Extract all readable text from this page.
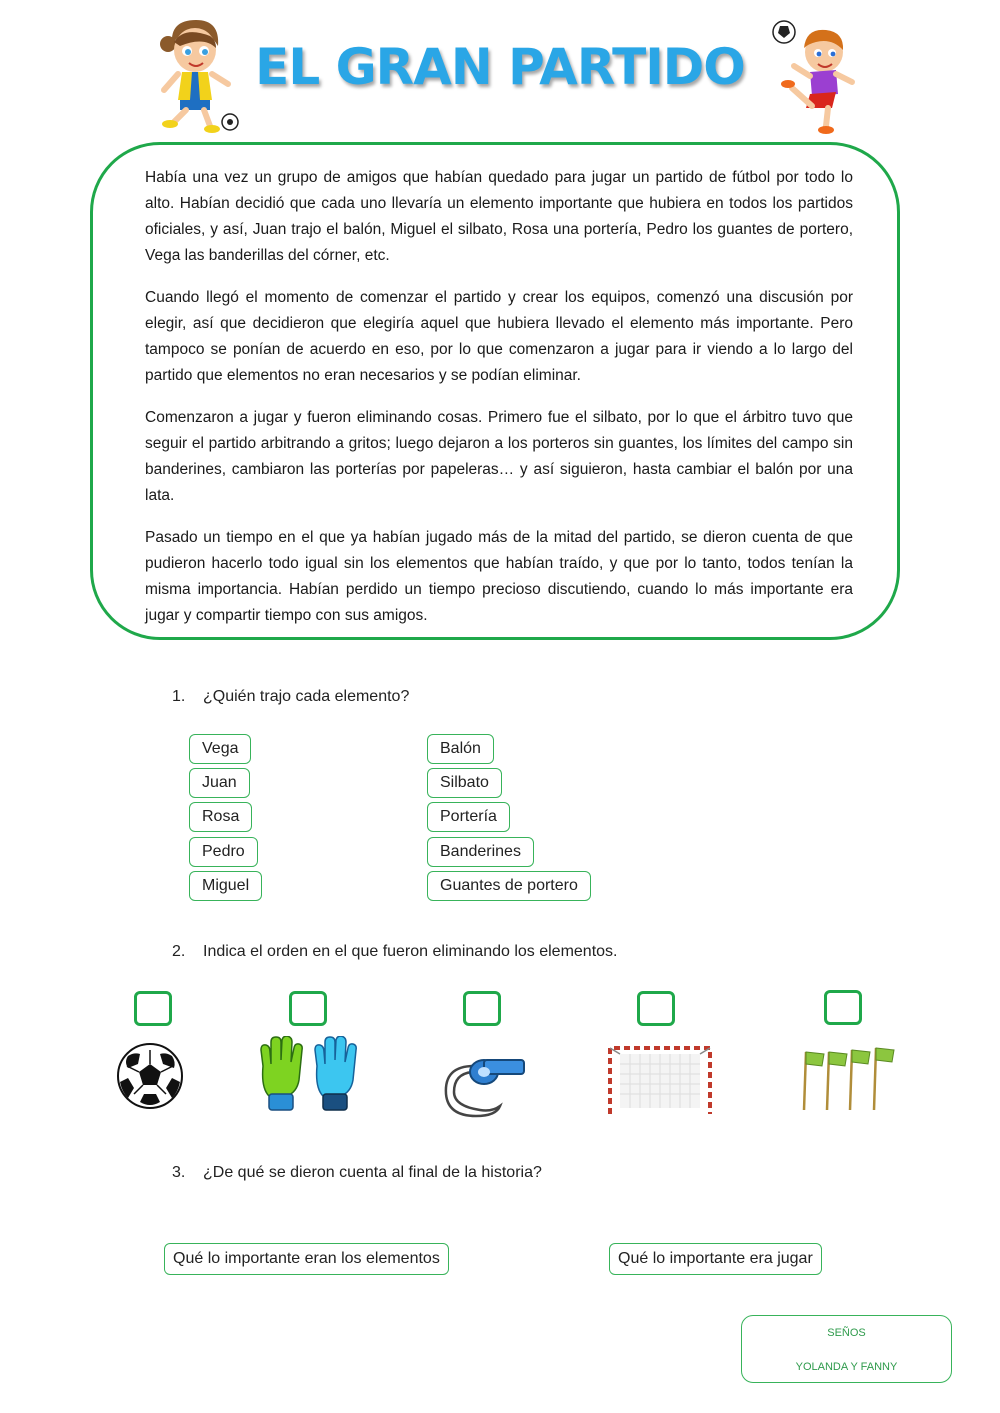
EL GRAN PARTIDO

Había una vez un grupo de amigos que habían quedado para jugar un partido de fútbol por todo lo alto. Habían decidió que cada uno llevaría un elemento importante que hubiera en todos los partidos oficiales, y así, Juan trajo el balón, Miguel el silbato, Rosa una portería, Pedro los guantes de portero, Vega las banderillas del córner, etc.

Cuando llegó el momento de comenzar el partido y crear los equipos, comenzó una discusión por elegir, así que decidieron que elegiría aquel que hubiera llevado el elemento más importante. Pero tampoco se ponían de acuerdo en eso, por lo que comenzaron a jugar para ir viendo a lo largo del partido que elementos no eran necesarios y se podían eliminar.

Comenzaron a jugar y fueron eliminando cosas. Primero fue el silbato, por lo que el árbitro tuvo que seguir el partido arbitrando a gritos; luego dejaron a los porteros sin guantes, los límites del campo sin banderines, cambiaron las porterías por papeleras… y así siguieron, hasta cambiar el balón por una lata.

Pasado un tiempo en el que ya habían jugado más de la mitad del partido, se dieron cuenta de que pudieron hacerlo todo igual sin los elementos que habían traído, y que por lo tanto, todos tenían la misma importancia. Habían perdido un tiempo precioso discutiendo, cuando lo más importante era jugar y compartir tiempo con sus amigos.

1. ¿Quién trajo cada elemento?
Vega
Juan
Rosa
Pedro
Miguel
Balón
Silbato
Portería
Banderines
Guantes de portero
2. Indica el orden en el que fueron eliminando los elementos.
3. ¿De qué se dieron cuenta al final de la historia?
Qué lo importante eran los elementos	Qué lo importante era jugar
SEÑOS
YOLANDA Y FANNY
